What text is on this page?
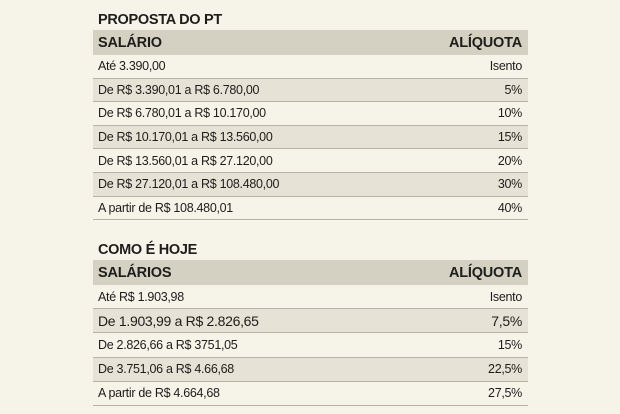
PROPOSTA DO PT
SALÁRIO	ALÍQUOTA
Até 3.390,00	Isento
De R$ 3.390,01 a R$ 6.780,00	5%
De R$ 6.780,01 a R$ 10.170,00	10%
De R$ 10.170,01 a R$ 13.560,00	15%
De R$ 13.560,01 a R$ 27.120,00	20%
De R$ 27.120,01 a R$ 108.480,00	30%
A partir de R$ 108.480,01	40%
COMO É HOJE
SALÁRIOS	ALÍQUOTA
Até R$ 1.903,98	Isento
De 1.903,99 a R$ 2.826,65	7,5%
De 2.826,66 a R$ 3751,05	15%
De 3.751,06 a R$ 4.66,68	22,5%
A partir de R$ 4.664,68	27,5%
